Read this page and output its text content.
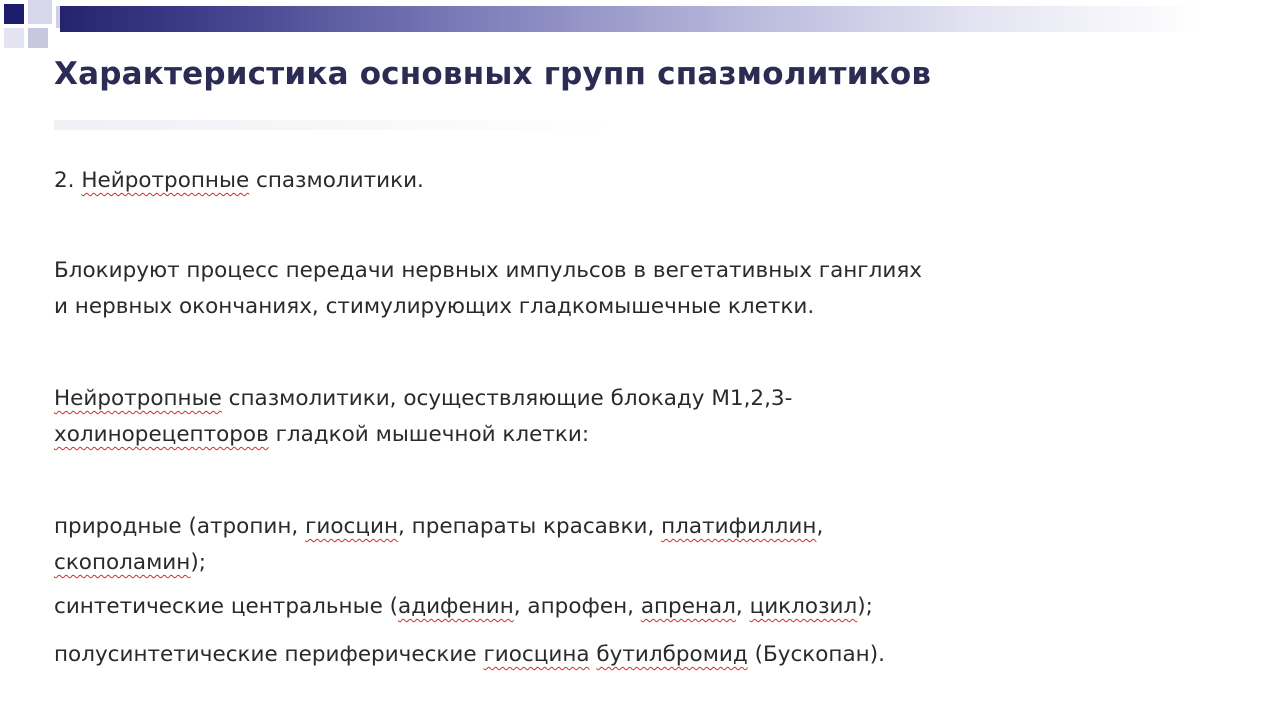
Характеристика основных групп спазмолитиков

2. Нейротропные спазмолитики.

Блокируют процесс передачи нервных импульсов в вегетативных ганглиях
и нервных окончаниях, стимулирующих гладкомышечные клетки.

Нейротропные спазмолитики, осуществляющие блокаду М1,2,3-
холинорецепторов гладкой мышечной клетки:

природные (атропин, гиосцин, препараты красавки, платифиллин,
скополамин);

синтетические центральные (адифенин, апрофен, апренал, циклозил);

полусинтетические периферические гиосцина бутилбромид (Бускопан).
